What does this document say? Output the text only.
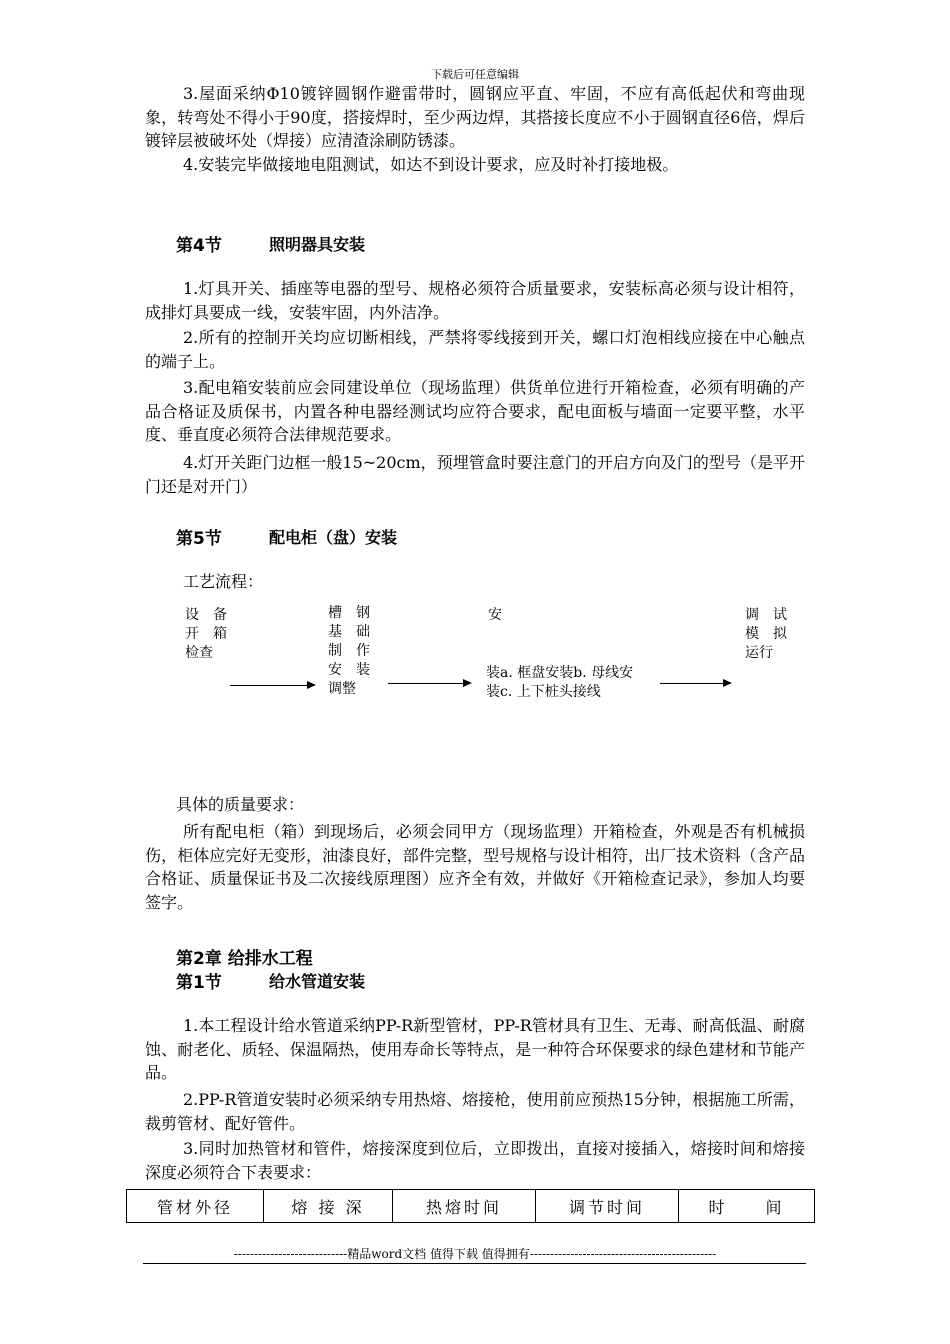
下载后可任意编辑

3.屋面采纳Φ10镀锌圆钢作避雷带时，圆钢应平直、牢固，不应有高低起伏和弯曲现象，转弯处不得小于90度，搭接焊时，至少两边焊，其搭接长度应不小于圆钢直径6倍，焊后镀锌层被破坏处（焊接）应清渣涂刷防锈漆。

4.安装完毕做接地电阻测试，如达不到设计要求，应及时补打接地极。

第4节	照明器具安装

1.灯具开关、插座等电器的型号、规格必须符合质量要求，安装标高必须与设计相符，成排灯具要成一线，安装牢固，内外洁净。

2.所有的控制开关均应切断相线，严禁将零线接到开关，螺口灯泡相线应接在中心触点的端子上。

3.配电箱安装前应会同建设单位（现场监理）供货单位进行开箱检查，必须有明确的产品合格证及质保书，内置各种电器经测试均应符合要求，配电面板与墙面一定要平整，水平度、垂直度必须符合法律规范要求。

4.灯开关距门边框一般15~20cm，预埋管盒时要注意门的开启方向及门的型号（是平开门还是对开门）

第5节	配电柜（盘）安装
工艺流程：
设　备
开　箱
检查
槽　钢
基　础
制　作
安　装
调整
安
装a. 框盘安装b. 母线安
装c. 上下桩头接线
调　试
模　拟
运行
具体的质量要求：

所有配电柜（箱）到现场后，必须会同甲方（现场监理）开箱检查，外观是否有机械损伤，柜体应完好无变形，油漆良好，部件完整，型号规格与设计相符，出厂技术资料（含产品合格证、质量保证书及二次接线原理图）应齐全有效，并做好《开箱检查记录》，参加人均要签字。

第2章 给排水工程
第1节	给水管道安装

1.本工程设计给水管道采纳PP-R新型管材，PP-R管材具有卫生、无毒、耐高低温、耐腐蚀、耐老化、质轻、保温隔热，使用寿命长等特点，是一种符合环保要求的绿色建材和节能产品。

2.PP-R管道安装时必须采纳专用热熔、熔接枪，使用前应预热15分钟，根据施工所需，裁剪管材、配好管件。

3.同时加热管材和管件，熔接深度到位后，立即拨出，直接对接插入，熔接时间和熔接深度必须符合下表要求：

管材外径	熔 接 深	热熔时间	调节时间	时　　间
----------------------------精品word文档 值得下载 值得拥有----------------------------------------------
